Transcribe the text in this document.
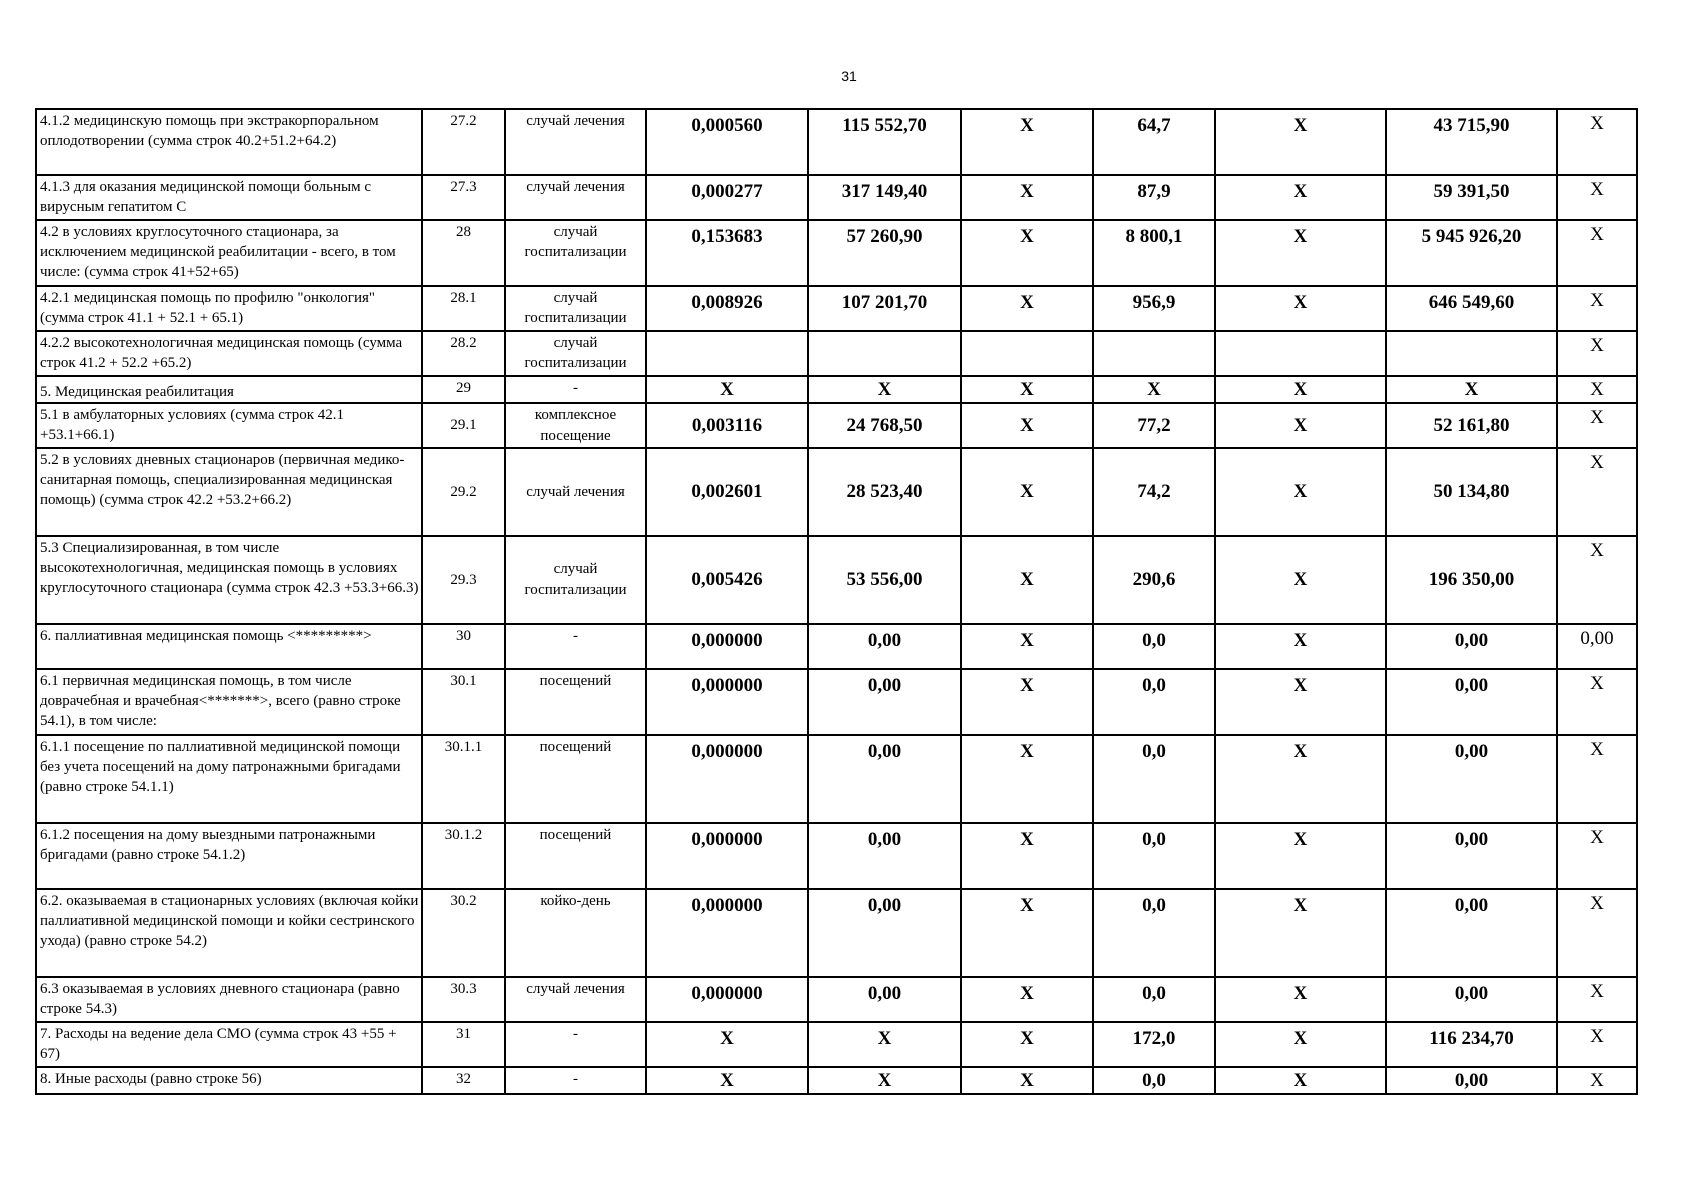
31
4.1.2 медицинскую помощь при экстракорпоральном оплодотворении (сумма строк 40.2+51.2+64.2)	27.2	случай лечения	0,000560	115 552,70	Х	64,7	Х	43 715,90	Х
4.1.3 для оказания медицинской помощи больным с вирусным гепатитом С	27.3	случай лечения	0,000277	317 149,40	Х	87,9	Х	59 391,50	Х
4.2 в условиях круглосуточного стационара, за исключением медицинской реабилитации - всего, в том числе: (сумма строк 41+52+65)	28	случай госпитализации	0,153683	57 260,90	Х	8 800,1	Х	5 945 926,20	Х
4.2.1 медицинская помощь по профилю "онкология" (сумма строк 41.1 + 52.1 + 65.1)	28.1	случай госпитализации	0,008926	107 201,70	Х	956,9	Х	646 549,60	Х
4.2.2 высокотехнологичная медицинская помощь (сумма строк 41.2 + 52.2 +65.2)	28.2	случай госпитализации							Х
5. Медицинская реабилитация	29	-	Х	Х	Х	Х	Х	Х	Х
5.1 в амбулаторных условиях (сумма строк 42.1 +53.1+66.1)	29.1	комплексное посещение	0,003116	24 768,50	Х	77,2	Х	52 161,80	Х
5.2 в условиях дневных стационаров (первичная медико-санитарная помощь, специализированная медицинская помощь) (сумма строк 42.2 +53.2+66.2)	29.2	случай лечения	0,002601	28 523,40	Х	74,2	Х	50 134,80	Х
5.3 Специализированная, в том числе высокотехнологичная, медицинская помощь в условиях круглосуточного стационара (сумма строк 42.3 +53.3+66.3)	29.3	случай госпитализации	0,005426	53 556,00	Х	290,6	Х	196 350,00	Х
6. паллиативная медицинская помощь <*********>	30	-	0,000000	0,00	Х	0,0	Х	0,00	0,00
6.1 первичная медицинская помощь, в том числе доврачебная и врачебная<*******>, всего (равно строке 54.1), в том числе:	30.1	посещений	0,000000	0,00	Х	0,0	Х	0,00	Х
6.1.1 посещение по паллиативной медицинской помощи без учета посещений на дому патронажными бригадами (равно строке 54.1.1)	30.1.1	посещений	0,000000	0,00	Х	0,0	Х	0,00	Х
6.1.2 посещения на дому выездными патронажными бригадами (равно строке 54.1.2)	30.1.2	посещений	0,000000	0,00	Х	0,0	Х	0,00	Х
6.2. оказываемая в стационарных условиях (включая койки паллиативной медицинской помощи и койки сестринского ухода) (равно строке 54.2)	30.2	койко-день	0,000000	0,00	Х	0,0	Х	0,00	Х
6.3 оказываемая в условиях дневного стационара (равно строке 54.3)	30.3	случай лечения	0,000000	0,00	Х	0,0	Х	0,00	Х
7. Расходы на ведение дела СМО (сумма строк 43 +55 + 67)	31	-	Х	Х	Х	172,0	Х	116 234,70	Х
8. Иные расходы (равно строке 56)	32	-	Х	Х	Х	0,0	Х	0,00	Х
